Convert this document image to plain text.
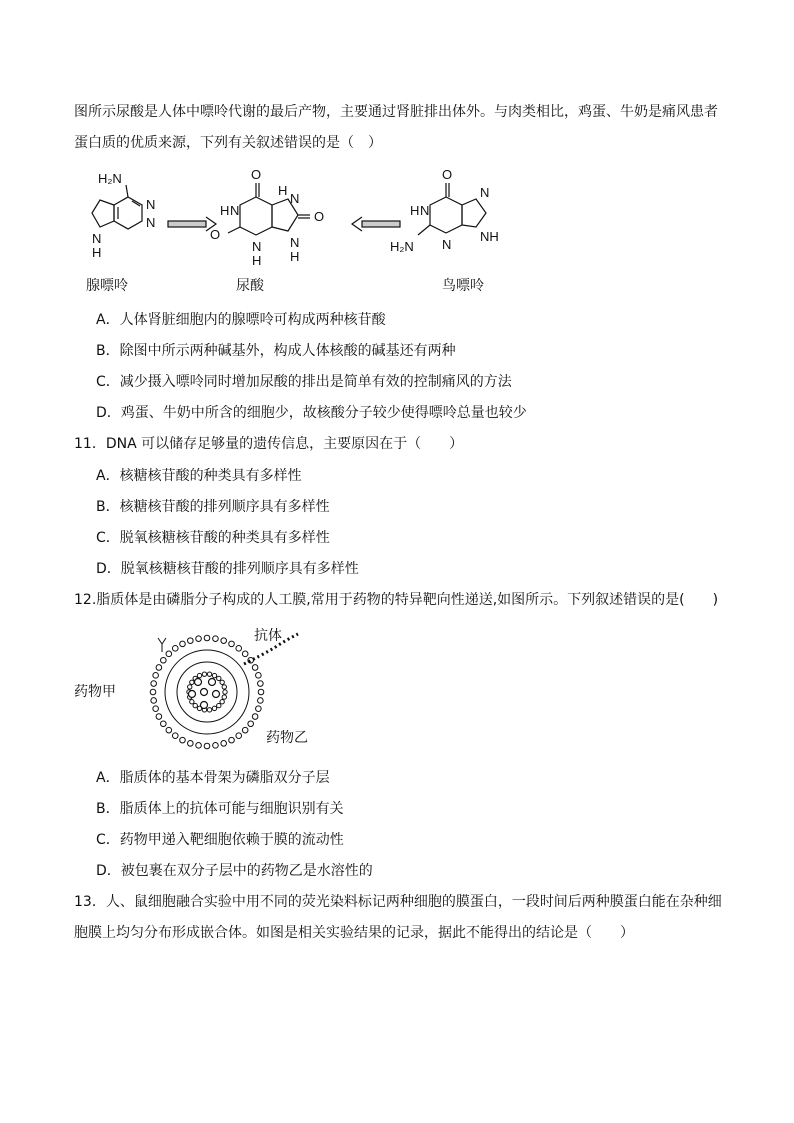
图所示尿酸是人体中嘌呤代谢的最后产物，主要通过肾脏排出体外。与肉类相比，鸡蛋、牛奶是痛风患者
蛋白质的优质来源，下列有关叙述错误的是（　）
H₂N
N
N
N
H
O
H N
O
N
H
H
N
O
N
H
O
H N
H₂N N
N
NH
腺嘌呤	尿酸	鸟嘌呤
A．人体肾脏细胞内的腺嘌呤可构成两种核苷酸
B．除图中所示两种碱基外，构成人体核酸的碱基还有两种
C．减少摄入嘌呤同时增加尿酸的排出是简单有效的控制痛风的方法
D．鸡蛋、牛奶中所含的细胞少，故核酸分子较少使得嘌呤总量也较少
11．DNA 可以储存足够量的遗传信息，主要原因在于（　　）
A．核糖核苷酸的种类具有多样性
B．核糖核苷酸的排列顺序具有多样性
C．脱氧核糖核苷酸的种类具有多样性
D．脱氧核糖核苷酸的排列顺序具有多样性
12.脂质体是由磷脂分子构成的人工膜,常用于药物的特异靶向性递送,如图所示。下列叙述错误的是(　　)
抗体
药物甲
药物乙
A．脂质体的基本骨架为磷脂双分子层
B．脂质体上的抗体可能与细胞识别有关
C．药物甲递入靶细胞依赖于膜的流动性
D．被包裹在双分子层中的药物乙是水溶性的
13．人、鼠细胞融合实验中用不同的荧光染料标记两种细胞的膜蛋白，一段时间后两种膜蛋白能在杂种细
胞膜上均匀分布形成嵌合体。如图是相关实验结果的记录，据此不能得出的结论是（　　）
